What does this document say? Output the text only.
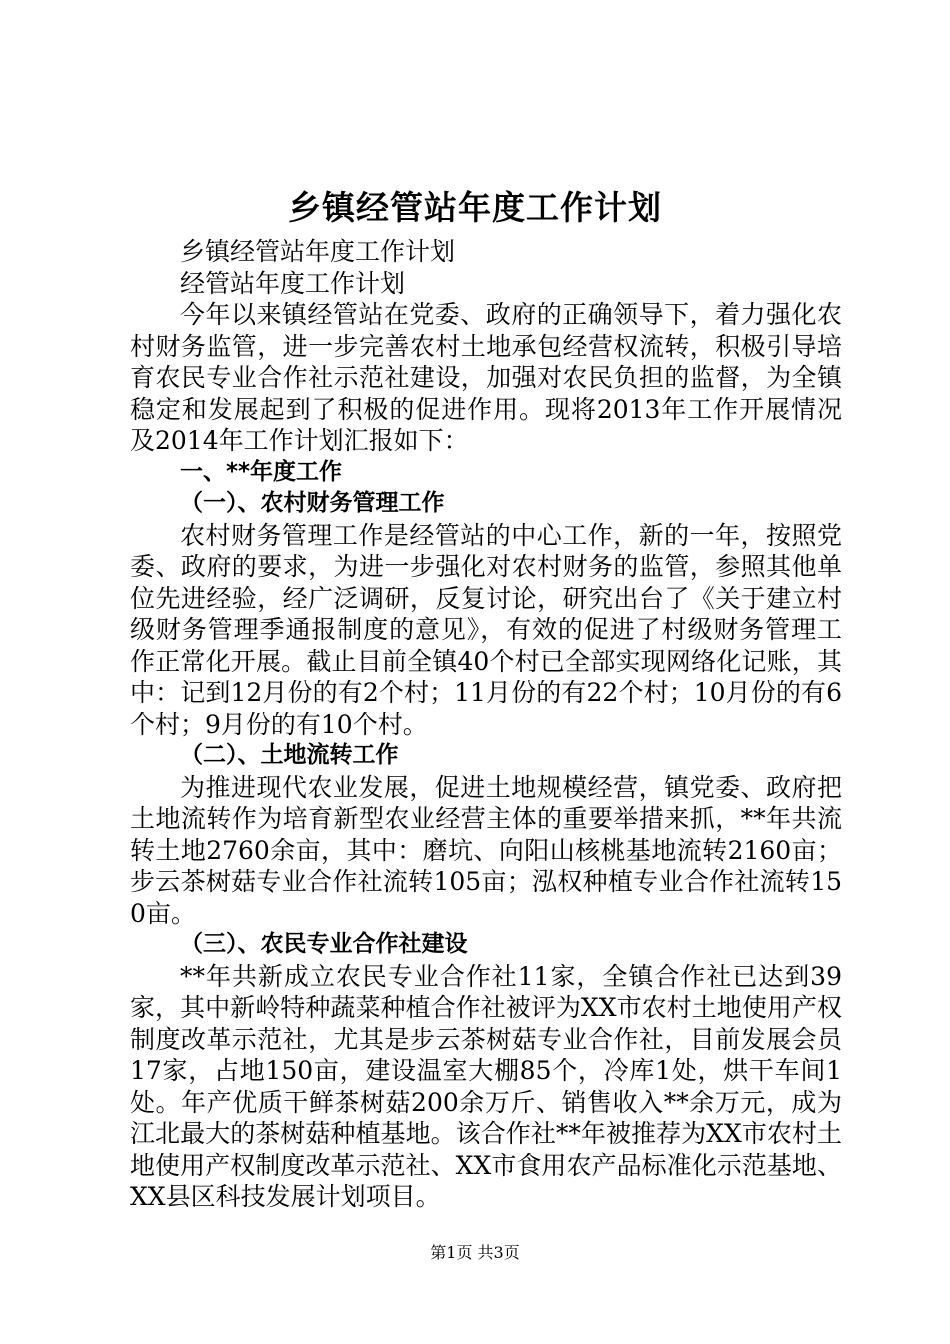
乡镇经管站年度工作计划

乡镇经管站年度工作计划

经管站年度工作计划

今年以来镇经管站在党委、政府的正确领导下，着力强化农村财务监管，进一步完善农村土地承包经营权流转，积极引导培育农民专业合作社示范社建设，加强对农民负担的监督，为全镇稳定和发展起到了积极的促进作用。现将2013年工作开展情况及2014年工作计划汇报如下：

一、**年度工作
（一）、农村财务管理工作

农村财务管理工作是经管站的中心工作，新的一年，按照党委、政府的要求，为进一步强化对农村财务的监管，参照其他单位先进经验，经广泛调研，反复讨论，研究出台了《关于建立村级财务管理季通报制度的意见》，有效的促进了村级财务管理工作正常化开展。截止目前全镇40个村已全部实现网络化记账，其中：记到12月份的有2个村；11月份的有22个村；10月份的有6个村；9月份的有10个村。

（二）、土地流转工作

为推进现代农业发展，促进土地规模经营，镇党委、政府把土地流转作为培育新型农业经营主体的重要举措来抓，**年共流转土地2760余亩，其中：磨坑、向阳山核桃基地流转2160亩；步云茶树菇专业合作社流转105亩；泓权种植专业合作社流转150亩。

（三）、农民专业合作社建设

**年共新成立农民专业合作社11家，全镇合作社已达到39家，其中新岭特种蔬菜种植合作社被评为XX市农村土地使用产权制度改革示范社，尤其是步云茶树菇专业合作社，目前发展会员17家，占地150亩，建设温室大棚85个，冷库1处，烘干车间1处。年产优质干鲜茶树菇200余万斤、销售收入**余万元，成为江北最大的茶树菇种植基地。该合作社**年被推荐为XX市农村土地使用产权制度改革示范社、XX市食用农产品标准化示范基地、XX县区科技发展计划项目。

第1页 共3页
